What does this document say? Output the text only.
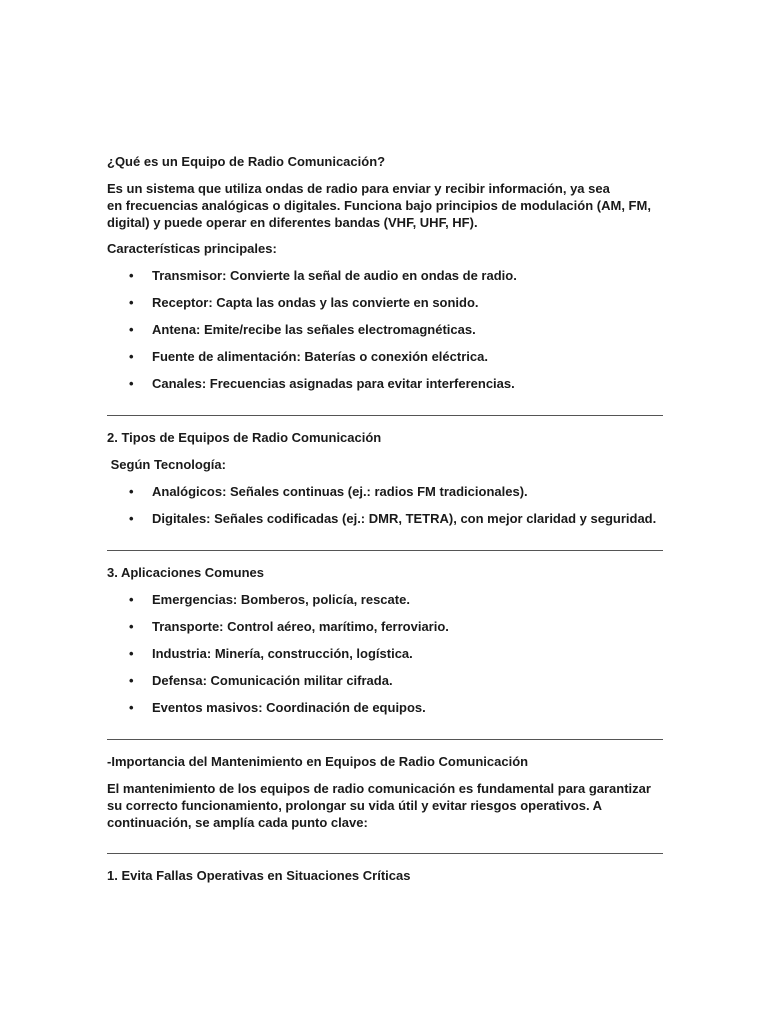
¿Qué es un Equipo de Radio Comunicación?

Es un sistema que utiliza ondas de radio para enviar y recibir información, ya sea
en frecuencias analógicas o digitales. Funciona bajo principios de modulación (AM, FM,
digital) y puede operar en diferentes bandas (VHF, UHF, HF).

Características principales:

• Transmisor: Convierte la señal de audio en ondas de radio.
• Receptor: Capta las ondas y las convierte en sonido.
• Antena: Emite/recibe las señales electromagnéticas.
• Fuente de alimentación: Baterías o conexión eléctrica.
• Canales: Frecuencias asignadas para evitar interferencias.

2. Tipos de Equipos de Radio Comunicación

Según Tecnología:

• Analógicos: Señales continuas (ej.: radios FM tradicionales).
• Digitales: Señales codificadas (ej.: DMR, TETRA), con mejor claridad y seguridad.

3. Aplicaciones Comunes

• Emergencias: Bomberos, policía, rescate.
• Transporte: Control aéreo, marítimo, ferroviario.
• Industria: Minería, construcción, logística.
• Defensa: Comunicación militar cifrada.
• Eventos masivos: Coordinación de equipos.

-Importancia del Mantenimiento en Equipos de Radio Comunicación

El mantenimiento de los equipos de radio comunicación es fundamental para garantizar
su correcto funcionamiento, prolongar su vida útil y evitar riesgos operativos. A
continuación, se amplía cada punto clave:

1. Evita Fallas Operativas en Situaciones Críticas
